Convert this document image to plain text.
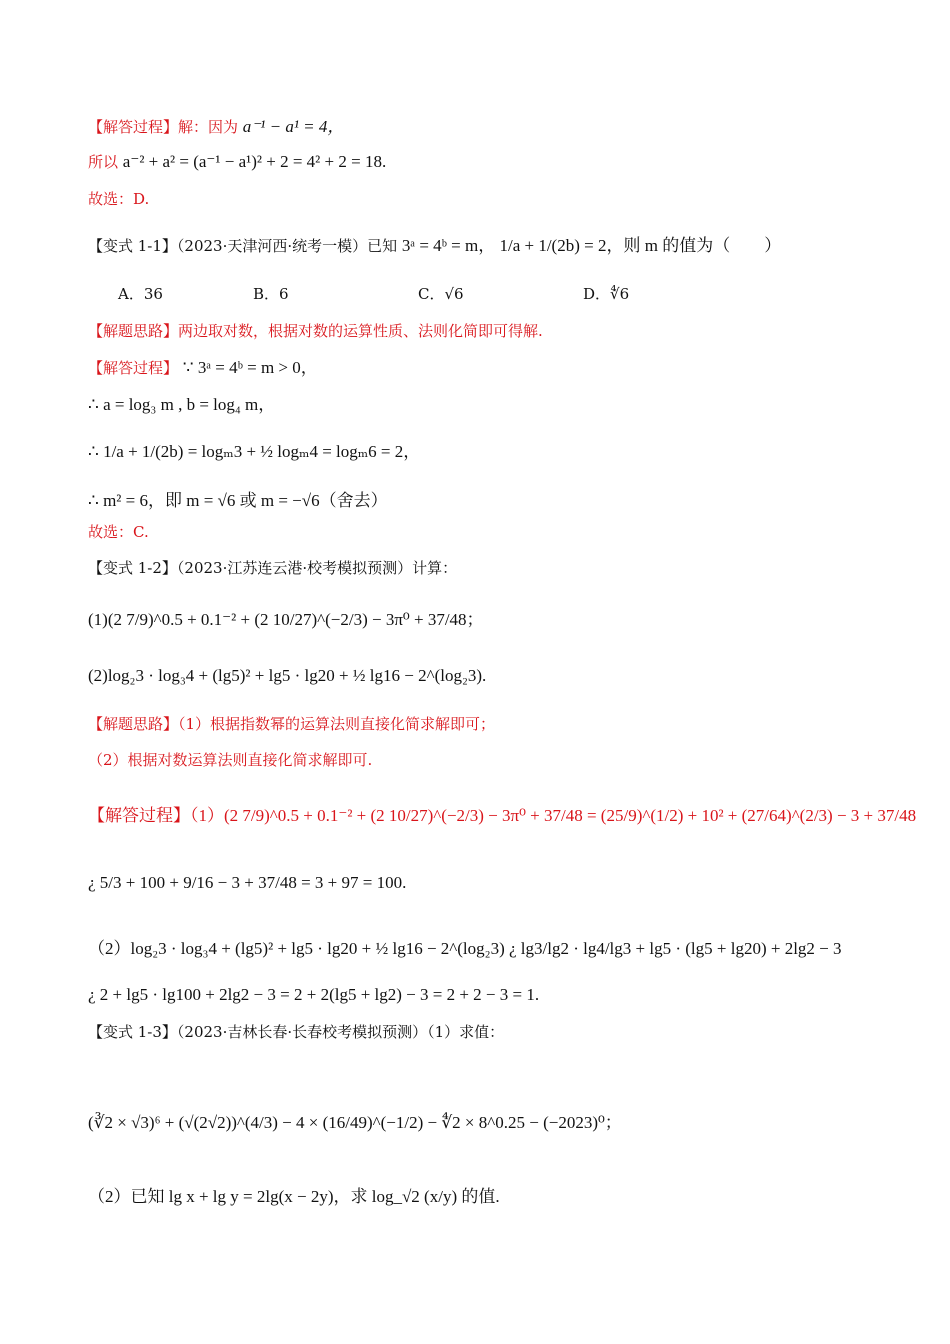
【解答过程】解：因为 a⁻¹ − a¹ = 4，
所以 a⁻² + a² = (a⁻¹ − a¹)² + 2 = 4² + 2 = 18.
故选：D.
【变式 1-1】（2023·天津河西·统考一模）已知 3ᵃ = 4ᵇ = m， 1/a + 1/(2b) = 2，则 m 的值为（　　）
A．36	B．6	C．√6	D．∜6
【解题思路】两边取对数，根据对数的运算性质、法则化简即可得解.
【解答过程】 ∵ 3ᵃ = 4ᵇ = m > 0，
∴ a = log₃ m , b = log₄ m，
∴ 1/a + 1/(2b) = logₘ3 + ½ logₘ4 = logₘ6 = 2，
∴ m² = 6，即 m = √6 或 m = −√6（舍去）
故选：C.
【变式 1-2】（2023·江苏连云港·校考模拟预测）计算：
(1)(2 7/9)^0.5 + 0.1⁻² + (2 10/27)^(−2/3) − 3π⁰ + 37/48；
(2)log₂3 · log₃4 + (lg5)² + lg5 · lg20 + ½ lg16 − 2^(log₂3).
【解题思路】（1）根据指数幂的运算法则直接化简求解即可；
（2）根据对数运算法则直接化简求解即可.
【解答过程】（1）(2 7/9)^0.5 + 0.1⁻² + (2 10/27)^(−2/3) − 3π⁰ + 37/48 = (25/9)^(1/2) + 10² + (27/64)^(2/3) − 3 + 37/48
¿ 5/3 + 100 + 9/16 − 3 + 37/48 = 3 + 97 = 100.
（2）log₂3 · log₃4 + (lg5)² + lg5 · lg20 + ½ lg16 − 2^(log₂3) ¿ lg3/lg2 · lg4/lg3 + lg5 · (lg5 + lg20) + 2lg2 − 3
¿ 2 + lg5 · lg100 + 2lg2 − 3 = 2 + 2(lg5 + lg2) − 3 = 2 + 2 − 3 = 1.
【变式 1-3】（2023·吉林长春·长春校考模拟预测）（1）求值：
(∛2 × √3)⁶ + (√(2√2))^(4/3) − 4 × (16/49)^(−1/2) − ∜2 × 8^0.25 − (−2023)⁰；
（2）已知 lg x + lg y = 2lg(x − 2y)，求 log_√2 (x/y) 的值.
